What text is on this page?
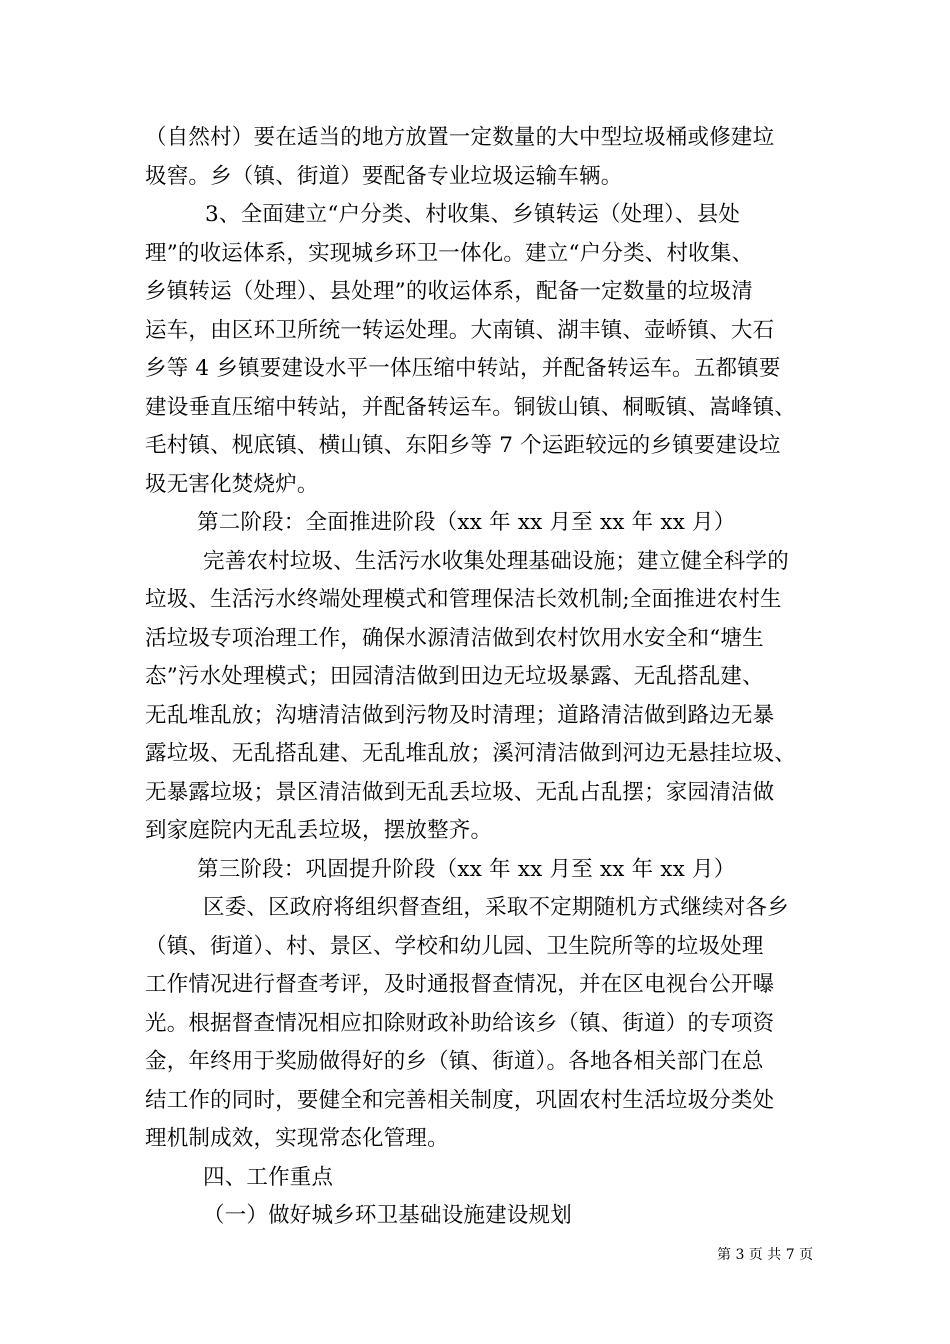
（自然村）要在适当的地方放置一定数量的大中型垃圾桶或修建垃
圾窖。乡（镇、街道）要配备专业垃圾运输车辆。
3、全面建立“户分类、村收集、乡镇转运（处理）、县处
理”的收运体系，实现城乡环卫一体化。建立“户分类、村收集、
乡镇转运（处理）、县处理”的收运体系，配备一定数量的垃圾清
运车，由区环卫所统一转运处理。大南镇、湖丰镇、壶峤镇、大石
乡等 4 乡镇要建设水平一体压缩中转站，并配备转运车。五都镇要
建设垂直压缩中转站，并配备转运车。铜钹山镇、桐畈镇、嵩峰镇、
毛村镇、枧底镇、横山镇、东阳乡等 7 个运距较远的乡镇要建设垃
圾无害化焚烧炉。
第二阶段：全面推进阶段（xx 年 xx 月至 xx 年 xx 月）
完善农村垃圾、生活污水收集处理基础设施；建立健全科学的
垃圾、生活污水终端处理模式和管理保洁长效机制;全面推进农村生
活垃圾专项治理工作，确保水源清洁做到农村饮用水安全和“塘生
态”污水处理模式；田园清洁做到田边无垃圾暴露、无乱搭乱建、
无乱堆乱放；沟塘清洁做到污物及时清理；道路清洁做到路边无暴
露垃圾、无乱搭乱建、无乱堆乱放；溪河清洁做到河边无悬挂垃圾、
无暴露垃圾；景区清洁做到无乱丢垃圾、无乱占乱摆；家园清洁做
到家庭院内无乱丢垃圾，摆放整齐。
第三阶段：巩固提升阶段（xx 年 xx 月至 xx 年 xx 月）
区委、区政府将组织督查组，采取不定期随机方式继续对各乡
（镇、街道）、村、景区、学校和幼儿园、卫生院所等的垃圾处理
工作情况进行督查考评，及时通报督查情况，并在区电视台公开曝
光。根据督查情况相应扣除财政补助给该乡（镇、街道）的专项资
金，年终用于奖励做得好的乡（镇、街道）。各地各相关部门在总
结工作的同时，要健全和完善相关制度，巩固农村生活垃圾分类处
理机制成效，实现常态化管理。
四、工作重点
（一）做好城乡环卫基础设施建设规划
第 3 页 共 7 页
